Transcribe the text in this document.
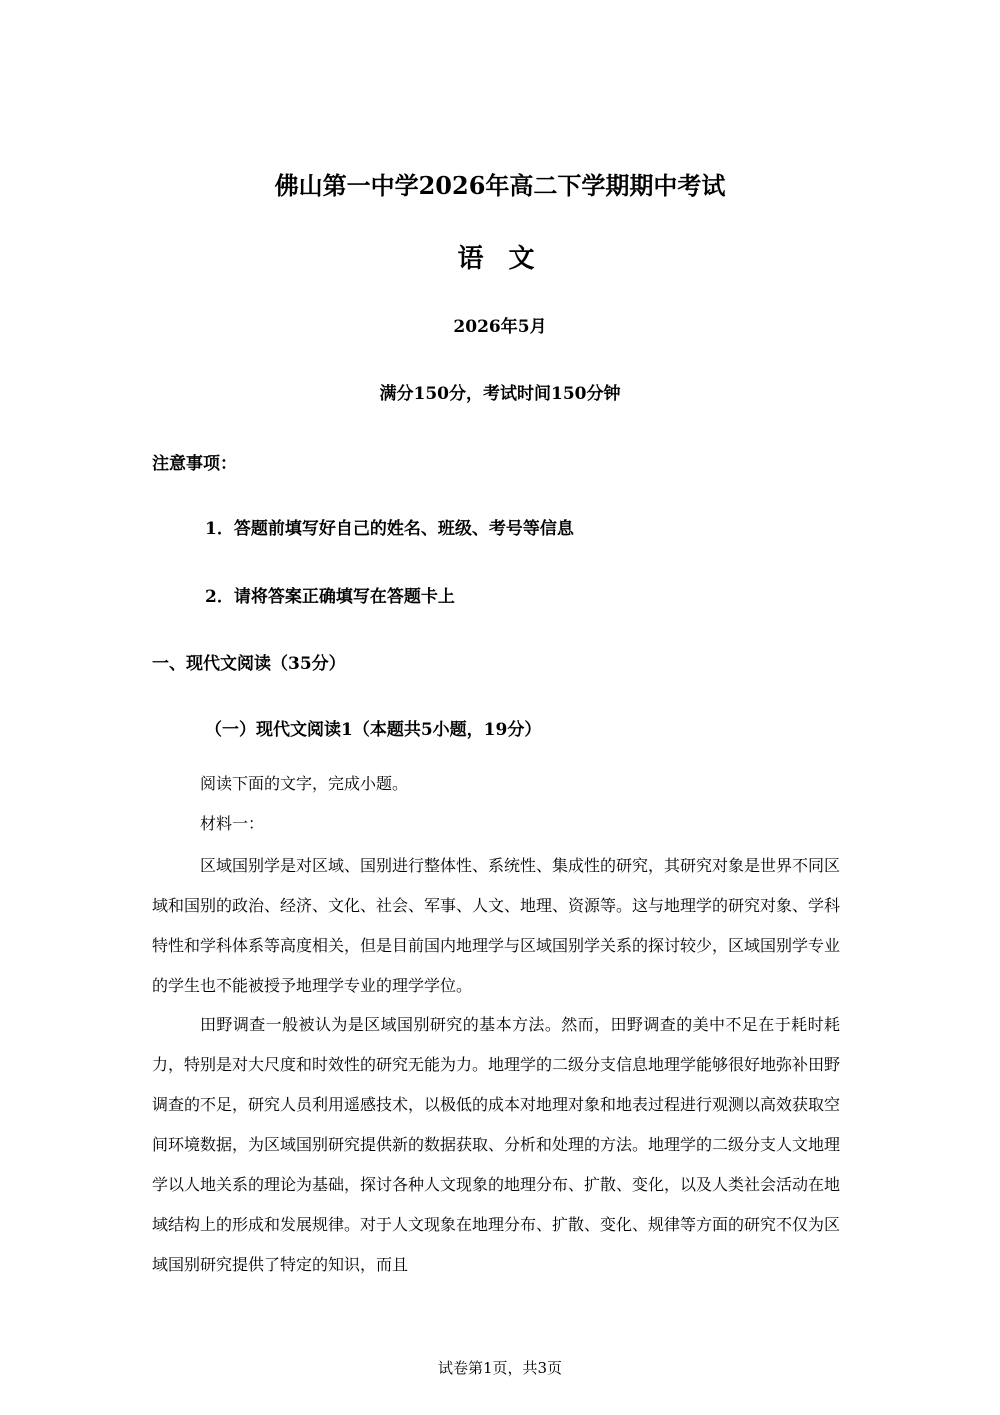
佛山第一中学2026年高二下学期期中考试
语 文
2026年5月
满分150分，考试时间150分钟
注意事项：
1．答题前填写好自己的姓名、班级、考号等信息
2．请将答案正确填写在答题卡上
一、现代文阅读（35分）
（一）现代文阅读1（本题共5小题，19分）
阅读下面的文字，完成小题。
材料一：

区域国别学是对区域、国别进行整体性、系统性、集成性的研究，其研究对象是世界不同区域和国别的政治、经济、文化、社会、军事、人文、地理、资源等。这与地理学的研究对象、学科特性和学科体系等高度相关，但是目前国内地理学与区域国别学关系的探讨较少，区域国别学专业的学生也不能被授予地理学专业的理学学位。

田野调查一般被认为是区域国别研究的基本方法。然而，田野调查的美中不足在于耗时耗力，特别是对大尺度和时效性的研究无能为力。地理学的二级分支信息地理学能够很好地弥补田野调查的不足，研究人员利用遥感技术，以极低的成本对地理对象和地表过程进行观测以高效获取空间环境数据，为区域国别研究提供新的数据获取、分析和处理的方法。地理学的二级分支人文地理学以人地关系的理论为基础，探讨各种人文现象的地理分布、扩散、变化，以及人类社会活动在地域结构上的形成和发展规律。对于人文现象在地理分布、扩散、变化、规律等方面的研究不仅为区域国别研究提供了特定的知识，而且

试卷第1页，共3页
